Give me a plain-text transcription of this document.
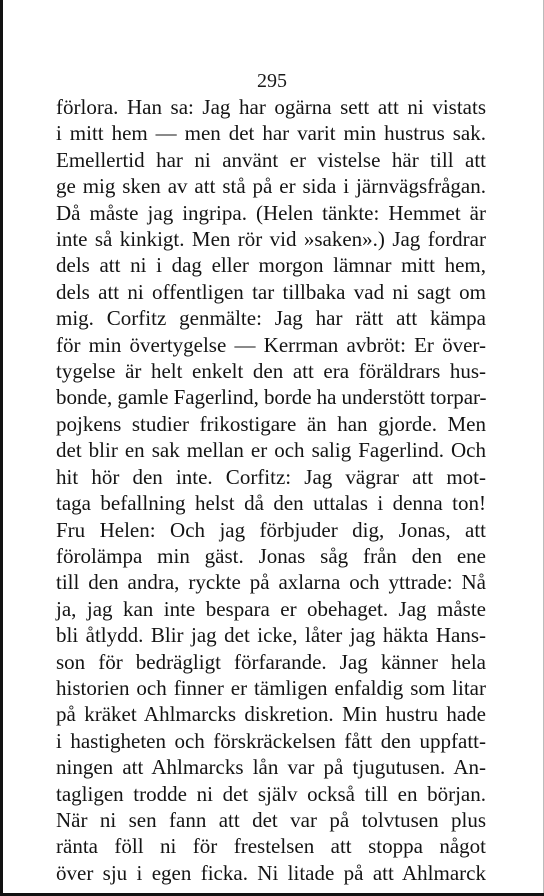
295
förlora. Han sa: Jag har ogärna sett att ni vistats
i mitt hem — men det har varit min hustrus sak.
Emellertid har ni använt er vistelse här till att
ge mig sken av att stå på er sida i järnvägsfrågan.
Då måste jag ingripa. (Helen tänkte: Hemmet är
inte så kinkigt. Men rör vid »saken».) Jag fordrar
dels att ni i dag eller morgon lämnar mitt hem,
dels att ni offentligen tar tillbaka vad ni sagt om
mig. Corfitz genmälte: Jag har rätt att kämpa
för min övertygelse — Kerrman avbröt: Er över-
tygelse är helt enkelt den att era föräldrars hus-
bonde, gamle Fagerlind, borde ha understött torpar-
pojkens studier frikostigare än han gjorde. Men
det blir en sak mellan er och salig Fagerlind. Och
hit hör den inte. Corfitz: Jag vägrar att mot-
taga befallning helst då den uttalas i denna ton!
Fru Helen: Och jag förbjuder dig, Jonas, att
förolämpa min gäst. Jonas såg från den ene
till den andra, ryckte på axlarna och yttrade: Nå
ja, jag kan inte bespara er obehaget. Jag måste
bli åtlydd. Blir jag det icke, låter jag häkta Hans-
son för bedrägligt förfarande. Jag känner hela
historien och finner er tämligen enfaldig som litar
på kräket Ahlmarcks diskretion. Min hustru hade
i hastigheten och förskräckelsen fått den uppfatt-
ningen att Ahlmarcks lån var på tjugutusen. An-
tagligen trodde ni det själv också till en början.
När ni sen fann att det var på tolvtusen plus
ränta föll ni för frestelsen att stoppa något
över sju i egen ficka. Ni litade på att Ahlmarck
